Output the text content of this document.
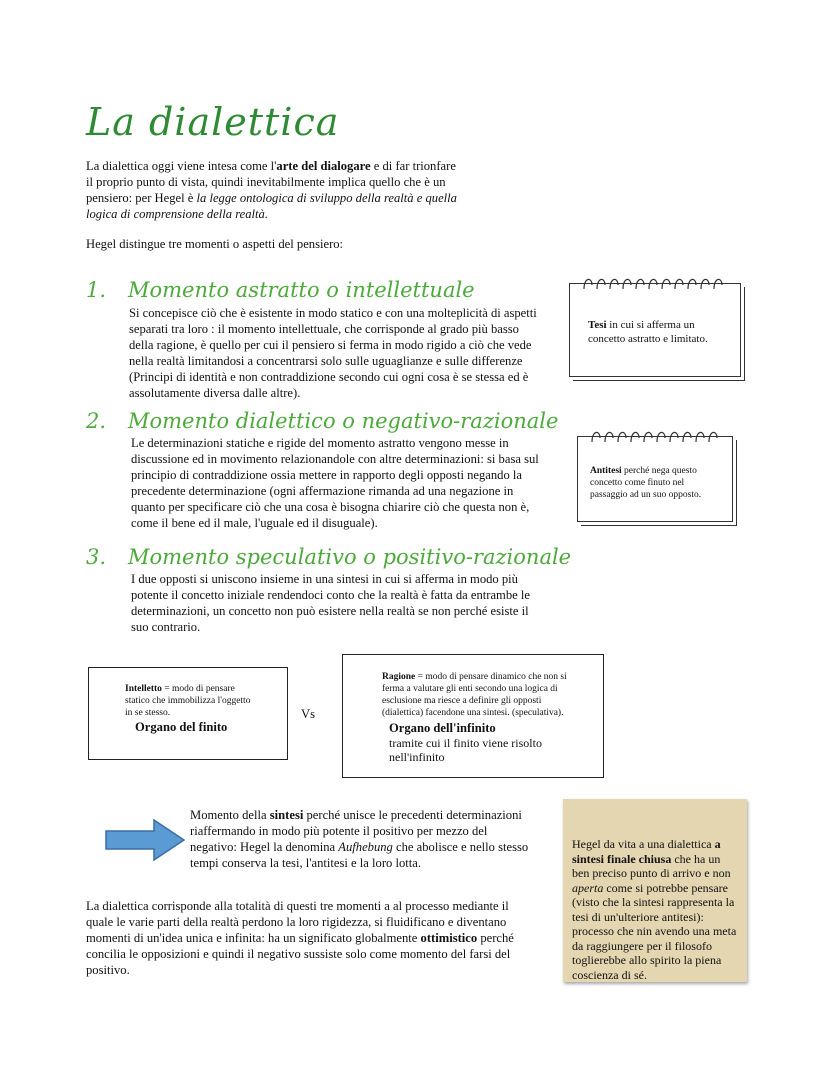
La dialettica

La dialettica oggi viene intesa come l'arte del dialogare e di far trionfare il proprio punto di vista, quindi inevitabilmente implica quello che è un pensiero: per Hegel è la legge ontologica di sviluppo della realtà e quella logica di comprensione della realtà.

Hegel distingue tre momenti o aspetti del pensiero:

1. Momento astratto o intellettuale

Si concepisce ciò che è esistente in modo statico e con una molteplicità di aspetti separati tra loro : il momento intellettuale, che corrisponde al grado più basso della ragione, è quello per cui il pensiero si ferma in modo rigido a ciò che vede nella realtà limitandosi a concentrarsi solo sulle uguaglianze e sulle differenze (Principi di identità e non contraddizione secondo cui ogni cosa è se stessa ed è assolutamente diversa dalle altre).

2. Momento dialettico o negativo-razionale

Le determinazioni statiche e rigide del momento astratto vengono messe in discussione ed in movimento relazionandole con altre determinazioni: si basa sul principio di contraddizione ossia mettere in rapporto degli opposti negando la precedente determinazione (ogni affermazione rimanda ad una negazione in quanto per specificare ciò che una cosa è bisogna chiarire ciò che questa non è, come il bene ed il male, l'uguale ed il disuguale).

3. Momento speculativo o positivo-razionale

I due opposti si uniscono insieme in una sintesi in cui si afferma in modo più potente il concetto iniziale rendendoci conto che la realtà è fatta da entrambe le determinazioni, un concetto non può esistere nella realtà se non perché esiste il suo contrario.

Tesi in cui si afferma un concetto astratto e limitato.
Antitesi perché nega questo concetto come finuto nel passaggio ad un suo opposto.
Intelletto = modo di pensare statico che immobilizza l'oggetto in se stesso.
Organo del finito
Vs
Ragione = modo di pensare dinamico che non si ferma a valutare gli enti secondo una logica di esclusione ma riesce a definire gli opposti (dialettica) facendone una sintesi. (speculativa).
Organo dell'infinito
tramite cui il finito viene risolto nell'infinito

Momento della sintesi perché unisce le precedenti determinazioni riaffermando in modo più potente il positivo per mezzo del negativo: Hegel la denomina Aufhebung che abolisce e nello stesso tempi conserva la tesi, l'antitesi e la loro lotta.

La dialettica corrisponde alla totalità di questi tre momenti a al processo mediante il quale le varie parti della realtà perdono la loro rigidezza, si fluidificano e diventano momenti di un'idea unica e infinita: ha un significato globalmente ottimistico perché concilia le opposizioni e quindi il negativo sussiste solo come momento del farsi del positivo.

Hegel da vita a una dialettica a sintesi finale chiusa che ha un ben preciso punto di arrivo e non aperta come si potrebbe pensare (visto che la sintesi rappresenta la tesi di un'ulteriore antitesi): processo che nin avendo una meta da raggiungere per il filosofo toglierebbe allo spirito la piena coscienza di sé.
